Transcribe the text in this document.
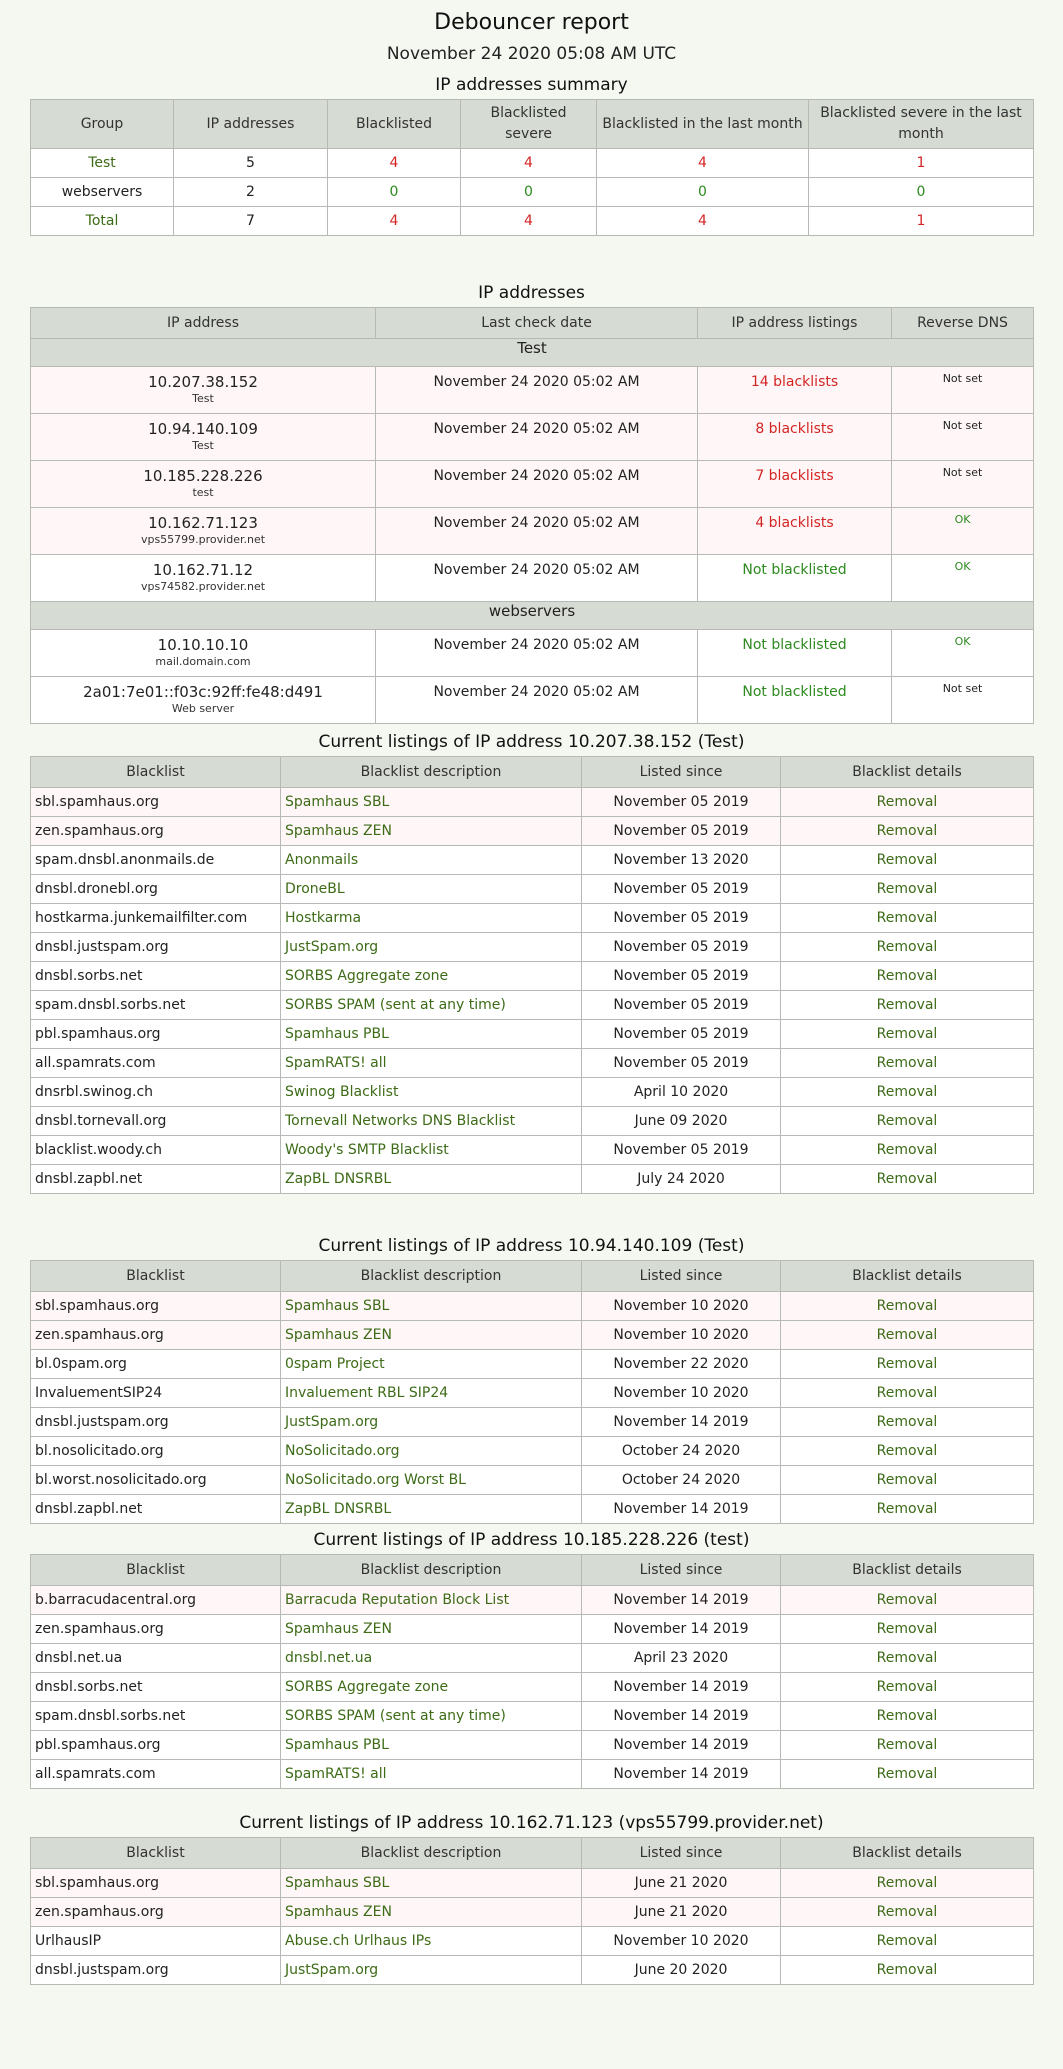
Debouncer report
November 24 2020 05:08 AM UTC
IP addresses summary
Group	IP addresses	Blacklisted	Blacklisted severe	Blacklisted in the last month	Blacklisted severe in the last month
Test	5	4	4	4	1
webservers	2	0	0	0	0
Total	7	4	4	4	1
IP addresses
IP address	Last check date	IP address listings	Reverse DNS
Test			

10.207.38.152
Test	November 24 2020 05:02 AM	14 blacklists	Not set

10.94.140.109
Test	November 24 2020 05:02 AM	8 blacklists	Not set

10.185.228.226
test	November 24 2020 05:02 AM	7 blacklists	Not set

10.162.71.123
vps55799.provider.net	November 24 2020 05:02 AM	4 blacklists	OK

10.162.71.12
vps74582.provider.net	November 24 2020 05:02 AM	Not blacklisted	OK

webservers			

10.10.10.10
mail.domain.com	November 24 2020 05:02 AM	Not blacklisted	OK

2a01:7e01::f03c:92ff:fe48:d491
Web server	November 24 2020 05:02 AM	Not blacklisted	Not set
Current listings of IP address 10.207.38.152 (Test)
Blacklist	Blacklist description	Listed since	Blacklist details
sbl.spamhaus.org	Spamhaus SBL	November 05 2019	Removal
zen.spamhaus.org	Spamhaus ZEN	November 05 2019	Removal
spam.dnsbl.anonmails.de	Anonmails	November 13 2020	Removal
dnsbl.dronebl.org	DroneBL	November 05 2019	Removal
hostkarma.junkemailfilter.com	Hostkarma	November 05 2019	Removal
dnsbl.justspam.org	JustSpam.org	November 05 2019	Removal
dnsbl.sorbs.net	SORBS Aggregate zone	November 05 2019	Removal
spam.dnsbl.sorbs.net	SORBS SPAM (sent at any time)	November 05 2019	Removal
pbl.spamhaus.org	Spamhaus PBL	November 05 2019	Removal
all.spamrats.com	SpamRATS! all	November 05 2019	Removal
dnsrbl.swinog.ch	Swinog Blacklist	April 10 2020	Removal
dnsbl.tornevall.org	Tornevall Networks DNS Blacklist	June 09 2020	Removal
blacklist.woody.ch	Woody's SMTP Blacklist	November 05 2019	Removal
dnsbl.zapbl.net	ZapBL DNSRBL	July 24 2020	Removal
Current listings of IP address 10.94.140.109 (Test)
Blacklist	Blacklist description	Listed since	Blacklist details
sbl.spamhaus.org	Spamhaus SBL	November 10 2020	Removal
zen.spamhaus.org	Spamhaus ZEN	November 10 2020	Removal
bl.0spam.org	0spam Project	November 22 2020	Removal
InvaluementSIP24	Invaluement RBL SIP24	November 10 2020	Removal
dnsbl.justspam.org	JustSpam.org	November 14 2019	Removal
bl.nosolicitado.org	NoSolicitado.org	October 24 2020	Removal
bl.worst.nosolicitado.org	NoSolicitado.org Worst BL	October 24 2020	Removal
dnsbl.zapbl.net	ZapBL DNSRBL	November 14 2019	Removal
Current listings of IP address 10.185.228.226 (test)
Blacklist	Blacklist description	Listed since	Blacklist details
b.barracudacentral.org	Barracuda Reputation Block List	November 14 2019	Removal
zen.spamhaus.org	Spamhaus ZEN	November 14 2019	Removal
dnsbl.net.ua	dnsbl.net.ua	April 23 2020	Removal
dnsbl.sorbs.net	SORBS Aggregate zone	November 14 2019	Removal
spam.dnsbl.sorbs.net	SORBS SPAM (sent at any time)	November 14 2019	Removal
pbl.spamhaus.org	Spamhaus PBL	November 14 2019	Removal
all.spamrats.com	SpamRATS! all	November 14 2019	Removal
Current listings of IP address 10.162.71.123 (vps55799.provider.net)
Blacklist	Blacklist description	Listed since	Blacklist details
sbl.spamhaus.org	Spamhaus SBL	June 21 2020	Removal
zen.spamhaus.org	Spamhaus ZEN	June 21 2020	Removal
UrlhausIP	Abuse.ch Urlhaus IPs	November 10 2020	Removal
dnsbl.justspam.org	JustSpam.org	June 20 2020	Removal
